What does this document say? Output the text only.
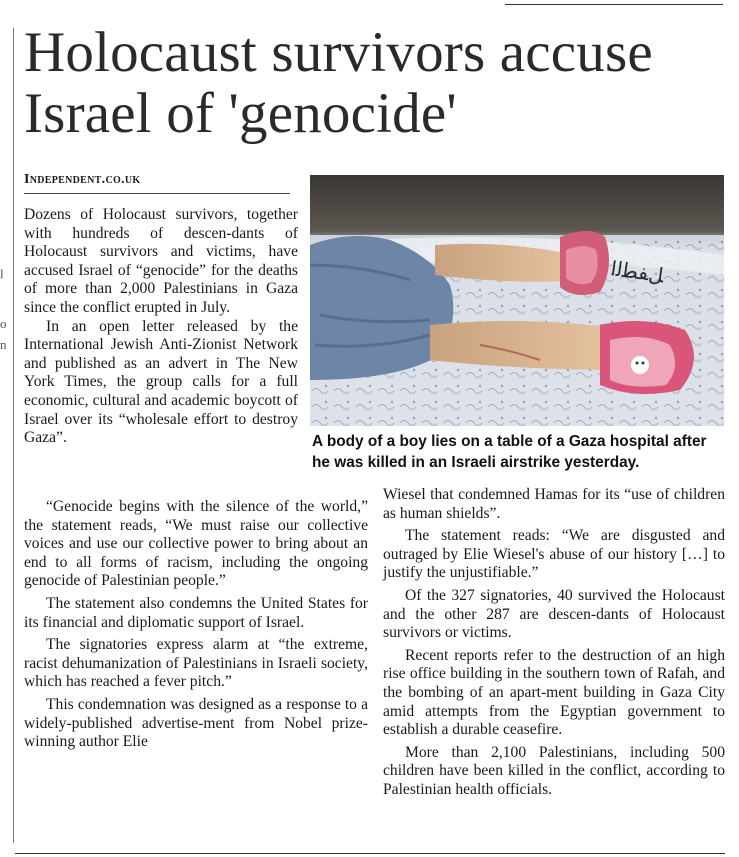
l
o
n
Holocaust survivors accuse Israel of 'genocide'
Independent.co.uk

Dozens of Holocaust survivors, together with hundreds of descen-dants of Holocaust survivors and victims, have accused Israel of “genocide” for the deaths of more than 2,000 Palestinians in Gaza since the conflict erupted in July.

In an open letter released by the International Jewish Anti-Zionist Network and published as an advert in The New York Times, the group calls for a full economic, cultural and academic boycott of Israel over its “wholesale effort to destroy Gaza”.

ﻞﻔﻄﻟﺍ

A body of a boy lies on a table of a Gaza hospital after he was killed in an Israeli airstrike yesterday.

“Genocide begins with the silence of the world,” the statement reads, “We must raise our collective voices and use our collective power to bring about an end to all forms of racism, including the ongoing genocide of Palestinian people.”

The statement also condemns the United States for its financial and diplomatic support of Israel.

The signatories express alarm at “the extreme, racist dehumanization of Palestinians in Israeli society, which has reached a fever pitch.”

This condemnation was designed as a response to a widely-published advertise-ment from Nobel prize-winning author Elie

Wiesel that condemned Hamas for its “use of children as human shields”.

The statement reads: “We are disgusted and outraged by Elie Wiesel's abuse of our history […] to justify the unjustifiable.”

Of the 327 signatories, 40 survived the Holocaust and the other 287 are descen-dants of Holocaust survivors or victims.

Recent reports refer to the destruction of an high rise office building in the southern town of Rafah, and the bombing of an apart-ment building in Gaza City amid attempts from the Egyptian government to establish a durable ceasefire.

More than 2,100 Palestinians, including 500 children have been killed in the conflict, according to Palestinian health officials.
